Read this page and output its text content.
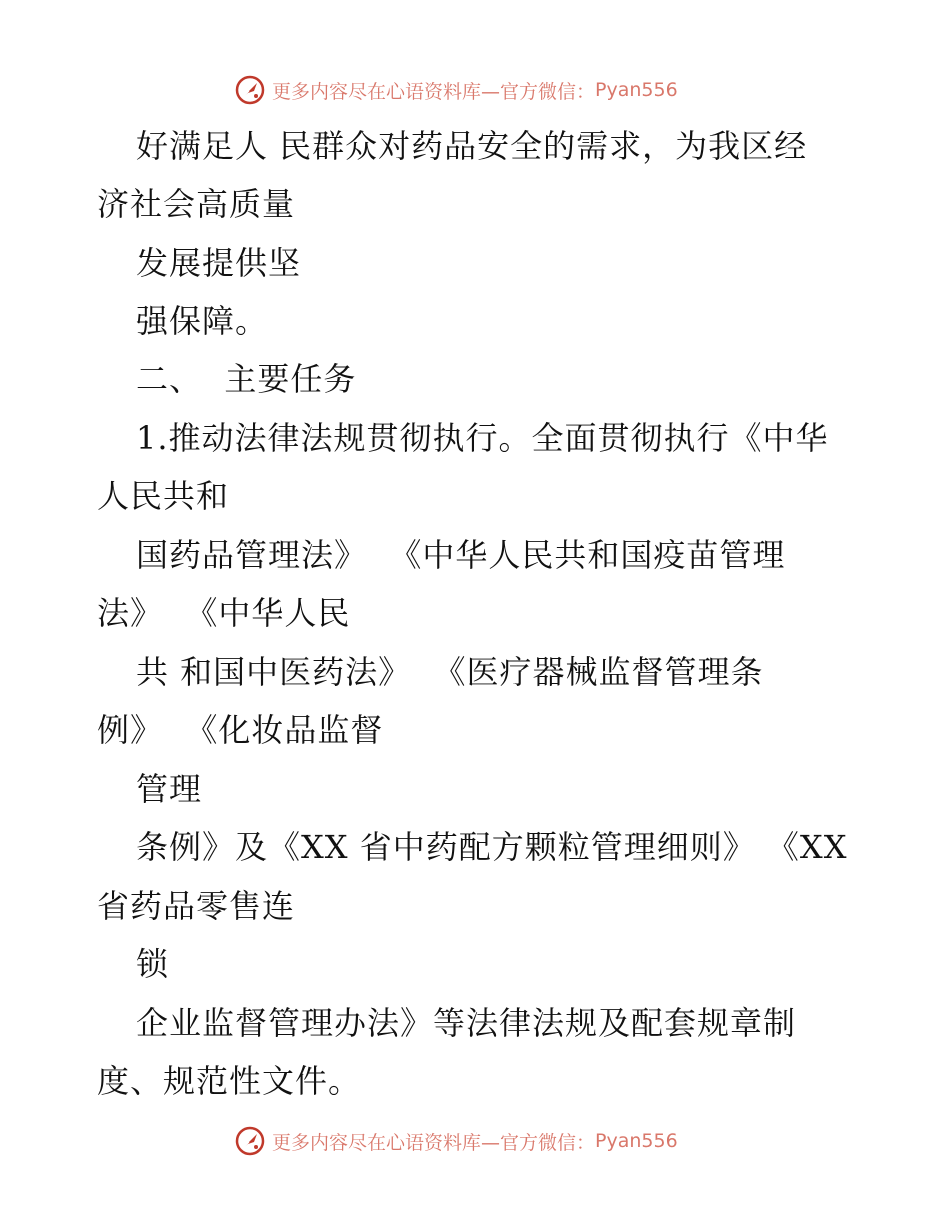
更多内容尽在心语资料库—官方微信： Pyan556
好满足人 民群众对药品安全的需求，为我区经
济社会高质量
发展提供坚
强保障。
二、  主要任务
1.推动法律法规贯彻执行。全面贯彻执行《中华
人民共和
国药品管理法》  《中华人民共和国疫苗管理
法》  《中华人民
共 和国中医药法》  《医疗器械监督管理条
例》  《化妆品监督
管理
条例》及《XX 省中药配方颗粒管理细则》 《XX
省药品零售连
锁
企业监督管理办法》等法律法规及配套规章制
度、规范性文件。
更多内容尽在心语资料库—官方微信： Pyan556
